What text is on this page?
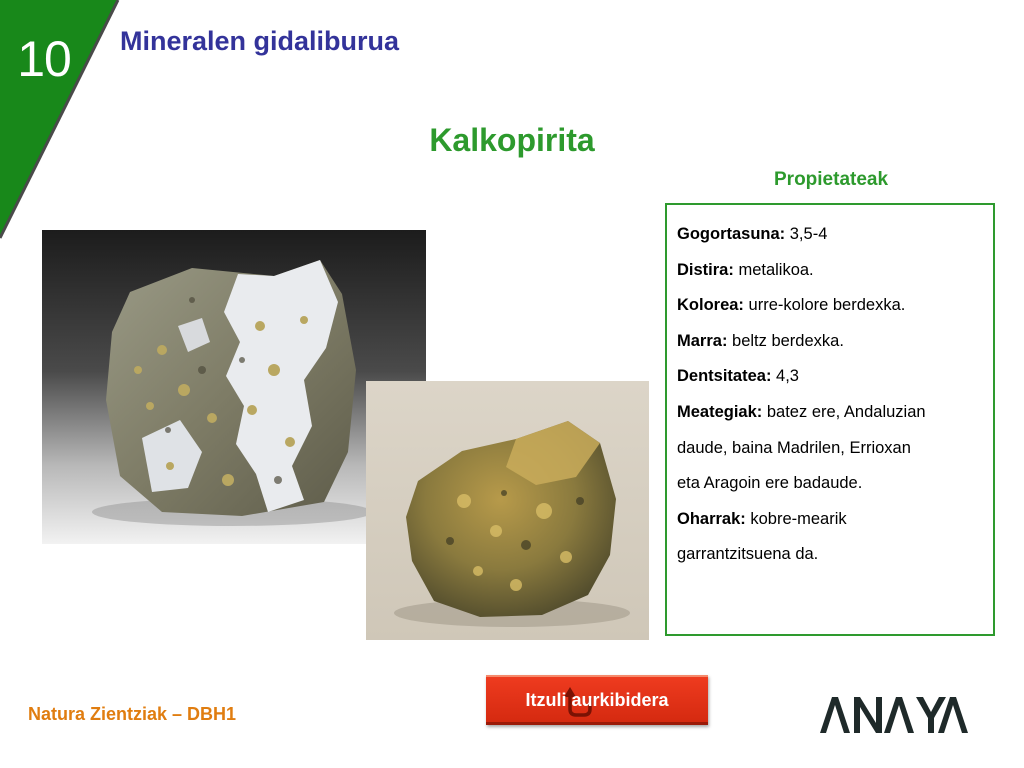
10 Mineralen gidaliburua
Kalkopirita
Propietateak
Gogortasuna: 3,5-4
Distira: metalikoa.
Kolorea: urre-kolore berdexka.
Marra: beltz berdexka.
Dentsitatea: 4,3
Meategiak: batez ere, Andaluzian
daude, baina Madrilen, Errioxan
eta Aragoin ere badaude.
Oharrak: kobre-mearik
garrantzitsuena da.
Natura Zientziak – DBH1
Itzuli aurkibidera
